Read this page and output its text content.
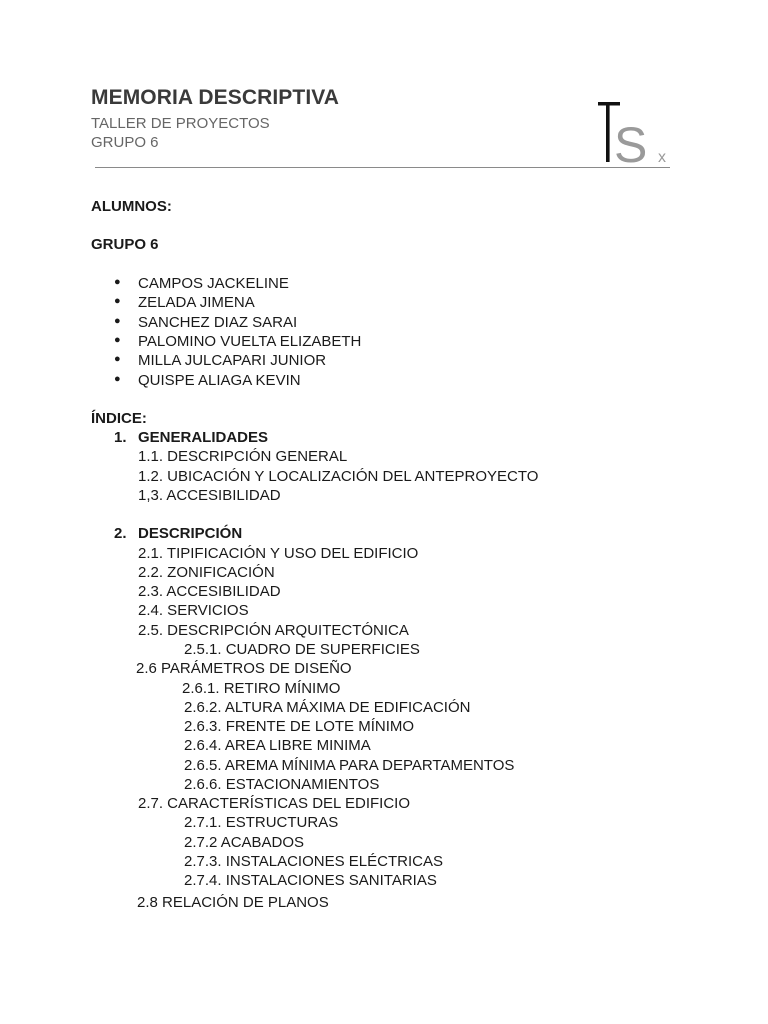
MEMORIA DESCRIPTIVA
TALLER DE PROYECTOS
GRUPO 6	S x
ALUMNOS:
GRUPO 6
● CAMPOS JACKELINE
● ZELADA JIMENA
● SANCHEZ DIAZ SARAI
● PALOMINO VUELTA ELIZABETH
● MILLA JULCAPARI JUNIOR
● QUISPE ALIAGA KEVIN
ÍNDICE:
1. GENERALIDADES
1.1. DESCRIPCIÓN GENERAL
1.2. UBICACIÓN Y LOCALIZACIÓN DEL ANTEPROYECTO
1,3. ACCESIBILIDAD
2. DESCRIPCIÓN
2.1. TIPIFICACIÓN Y USO DEL EDIFICIO
2.2. ZONIFICACIÓN
2.3. ACCESIBILIDAD
2.4. SERVICIOS
2.5. DESCRIPCIÓN ARQUITECTÓNICA
2.5.1. CUADRO DE SUPERFICIES
2.6 PARÁMETROS DE DISEÑO
2.6.1. RETIRO MÍNIMO
2.6.2. ALTURA MÁXIMA DE EDIFICACIÓN
2.6.3. FRENTE DE LOTE MÍNIMO
2.6.4. AREA LIBRE MINIMA
2.6.5. AREMA MÍNIMA PARA DEPARTAMENTOS
2.6.6. ESTACIONAMIENTOS
2.7. CARACTERÍSTICAS DEL EDIFICIO
2.7.1. ESTRUCTURAS
2.7.2 ACABADOS
2.7.3. INSTALACIONES ELÉCTRICAS
2.7.4. INSTALACIONES SANITARIAS
2.8 RELACIÓN DE PLANOS
